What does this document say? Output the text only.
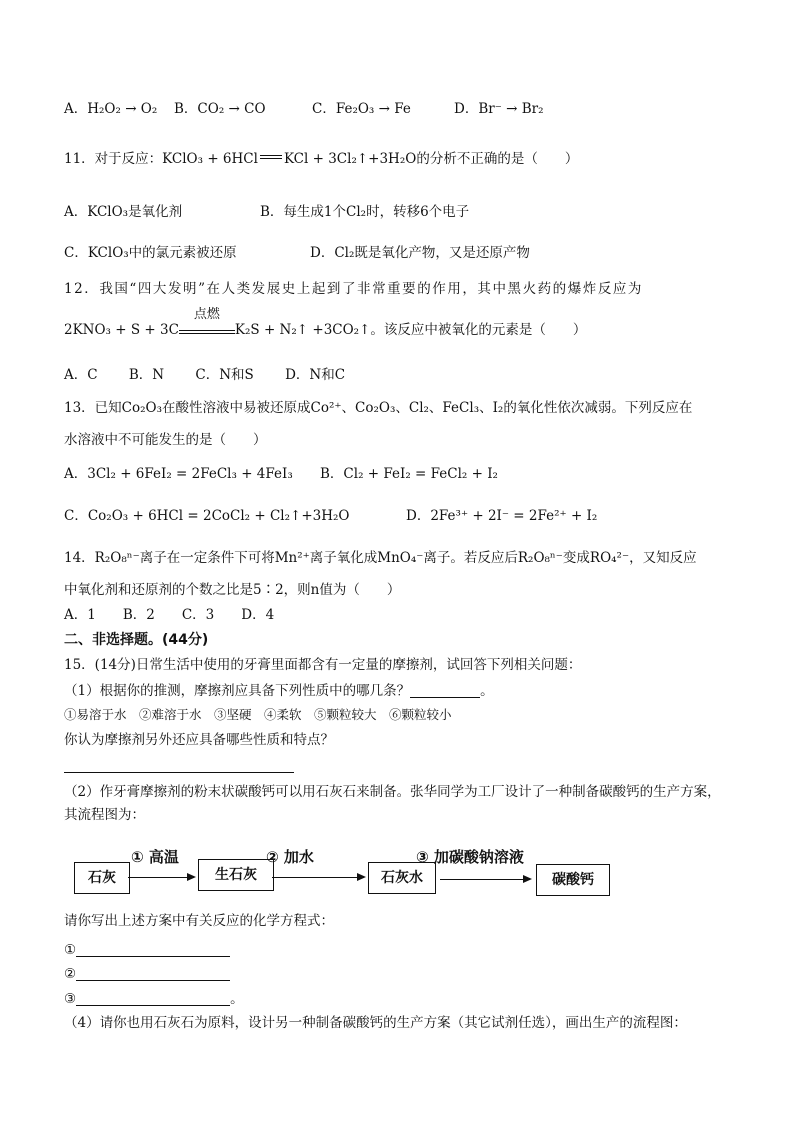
A．H₂O₂ → O₂ B．CO₂ → CO	C．Fe₂O₃ → Fe	D．Br⁻ → Br₂
11．对于反应：KClO₃ + 6HCl KCl + 3Cl₂↑+3H₂O的分析不正确的是（　　）
A．KClO₃是氧化剂	B．每生成1个Cl₂时，转移6个电子
C．KClO₃中的氯元素被还原	D．Cl₂既是氧化产物，又是还原产物
12．我国“四大发明”在人类发展史上起到了非常重要的作用，其中黑火药的爆炸反应为
2KNO₃ + S + 3C
点燃
K₂S + N₂↑ +3CO₂↑。该反应中被氧化的元素是（　　）
A．C　　 B．N　　 C．N和S　　 D．N和C
13．已知Co₂O₃在酸性溶液中易被还原成Co²⁺、Co₂O₃、Cl₂、FeCl₃、I₂的氧化性依次减弱。下列反应在
水溶液中不可能发生的是（　　）
A．3Cl₂ + 6FeI₂ = 2FeCl₃ + 4FeI₃ B．Cl₂ + FeI₂ = FeCl₂ + I₂
C．Co₂O₃ + 6HCl = 2CoCl₂ + Cl₂↑+3H₂O	D．2Fe³⁺ + 2I⁻ = 2Fe²⁺ + I₂
14．R₂O₈ⁿ⁻离子在一定条件下可将Mn²⁺离子氧化成MnO₄⁻离子。若反应后R₂O₈ⁿ⁻变成RO₄²⁻，又知反应
中氧化剂和还原剂的个数之比是5∶2，则n值为（　　）
A．1　　B．2　　C．3　　D．4
二、非选择题。(44分)
15．(14分)日常生活中使用的牙膏里面都含有一定量的摩擦剂，试回答下列相关问题：
（1）根据你的推测，摩擦剂应具备下列性质中的哪几条？	。
①易溶于水　②难溶于水　③坚硬　④柔软　⑤颗粒较大　⑥颗粒较小
你认为摩擦剂另外还应具备哪些性质和特点？
（2）作牙膏摩擦剂的粉末状碳酸钙可以用石灰石来制备。张华同学为工厂设计了一种制备碳酸钙的生产方案，
其流程图为：
石灰
① 高温
生石灰
② 加水
石灰水
③ 加碳酸钠溶液
碳酸钙
请你写出上述方案中有关反应的化学方程式：
①
②
③	。
（4）请你也用石灰石为原料，设计另一种制备碳酸钙的生产方案（其它试剂任选），画出生产的流程图：
